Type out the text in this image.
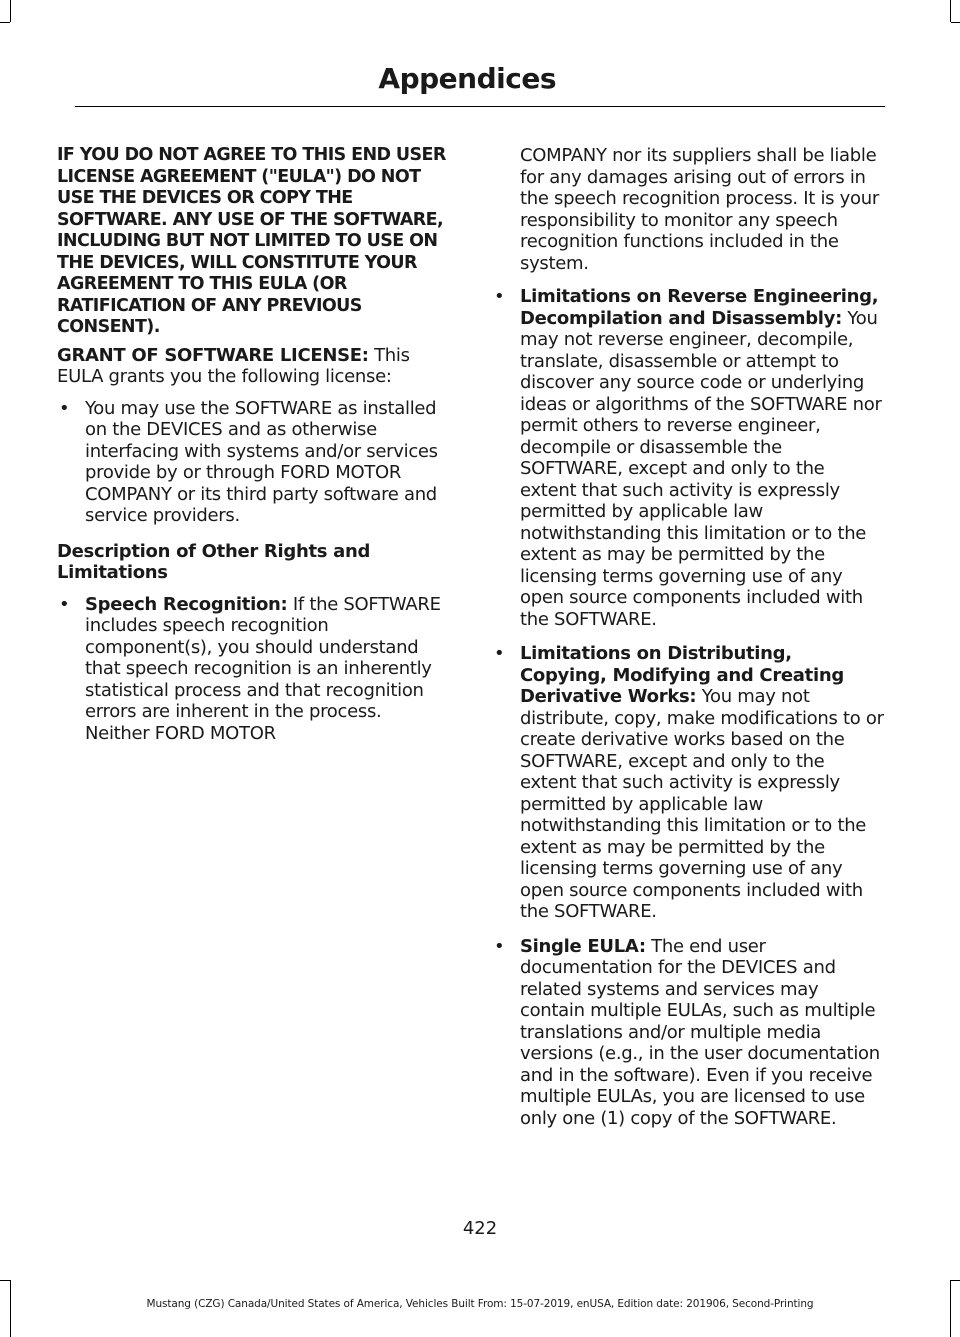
Appendices

IF YOU DO NOT AGREE TO THIS END USER LICENSE AGREEMENT ("EULA") DO NOT USE THE DEVICES OR COPY THE SOFTWARE. ANY USE OF THE SOFTWARE, INCLUDING BUT NOT LIMITED TO USE ON THE DEVICES, WILL CONSTITUTE YOUR AGREEMENT TO THIS EULA (OR RATIFICATION OF ANY PREVIOUS CONSENT).

GRANT OF SOFTWARE LICENSE: This EULA grants you the following license:

• You may use the SOFTWARE as installed on the DEVICES and as otherwise interfacing with systems and/or services provide by or through FORD MOTOR COMPANY or its third party software and service providers.

Description of Other Rights and Limitations

• Speech Recognition: If the SOFTWARE includes speech recognition component(s), you should understand that speech recognition is an inherently statistical process and that recognition errors are inherent in the process. Neither FORD MOTOR

COMPANY nor its suppliers shall be liable for any damages arising out of errors in the speech recognition process. It is your responsibility to monitor any speech recognition functions included in the system.

• Limitations on Reverse Engineering, Decompilation and Disassembly: You may not reverse engineer, decompile, translate, disassemble or attempt to discover any source code or underlying ideas or algorithms of the SOFTWARE nor permit others to reverse engineer, decompile or disassemble the SOFTWARE, except and only to the extent that such activity is expressly permitted by applicable law notwithstanding this limitation or to the extent as may be permitted by the licensing terms governing use of any open source components included with the SOFTWARE.
• Limitations on Distributing, Copying, Modifying and Creating Derivative Works: You may not distribute, copy, make modifications to or create derivative works based on the SOFTWARE, except and only to the extent that such activity is expressly permitted by applicable law notwithstanding this limitation or to the extent as may be permitted by the licensing terms governing use of any open source components included with the SOFTWARE.
• Single EULA: The end user documentation for the DEVICES and related systems and services may contain multiple EULAs, such as multiple translations and/or multiple media versions (e.g., in the user documentation and in the software). Even if you receive multiple EULAs, you are licensed to use only one (1) copy of the SOFTWARE.
422
Mustang (CZG) Canada/United States of America, Vehicles Built From: 15-07-2019, enUSA, Edition date: 201906, Second-Printing
